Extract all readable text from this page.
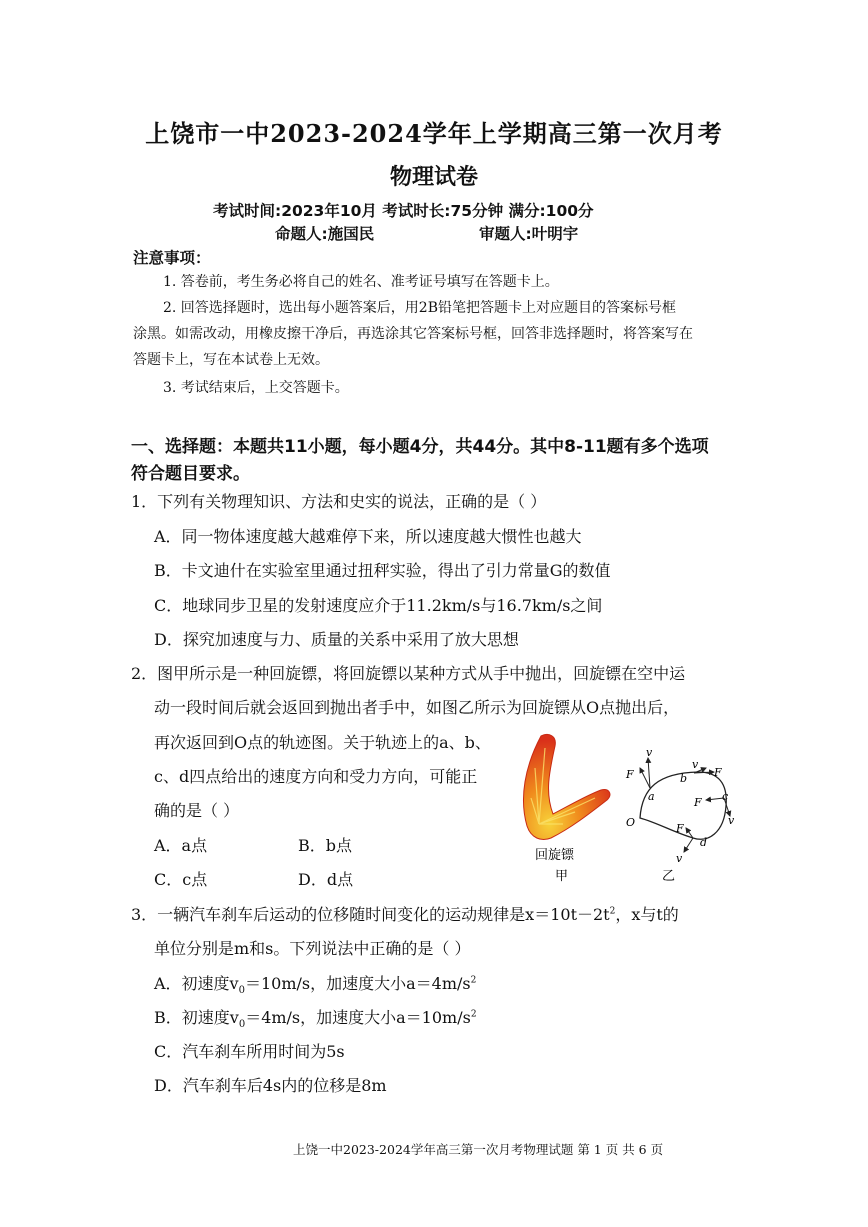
上饶市一中2023-2024学年上学期高三第一次月考
物理试卷
考试时间:2023年10月 考试时长:75分钟 满分:100分
命题人:施国民	审题人:叶明宇
注意事项：
1. 答卷前，考生务必将自己的姓名、准考证号填写在答题卡上。
2. 回答选择题时，选出每小题答案后，用2B铅笔把答题卡上对应题目的答案标号框
涂黑。如需改动，用橡皮擦干净后，再选涂其它答案标号框，回答非选择题时，将答案写在
答题卡上，写在本试卷上无效。
3. 考试结束后，上交答题卡。
一、选择题：本题共11小题，每小题4分，共44分。其中8-11题有多个选项
符合题目要求。
1．下列有关物理知识、方法和史实的说法，正确的是（ ）
A．同一物体速度越大越难停下来，所以速度越大惯性也越大
B．卡文迪什在实验室里通过扭秤实验，得出了引力常量G的数值
C．地球同步卫星的发射速度应介于11.2km/s与16.7km/s之间
D．探究加速度与力、质量的关系中采用了放大思想
2．图甲所示是一种回旋镖，将回旋镖以某种方式从手中抛出，回旋镖在空中运
动一段时间后就会返回到抛出者手中，如图乙所示为回旋镖从O点抛出后，
再次返回到O点的轨迹图。关于轨迹上的a、b、
c、d四点给出的速度方向和受力方向，可能正
确的是（ ）
A．a点	B．b点
C．c点	D．d点
回旋镖
甲
O
a
b
c
d
F
v
v
F
F
v
F
v
乙
3．一辆汽车刹车后运动的位移随时间变化的运动规律是$x=10t-2t^2$，x与t的
单位分别是m和s。下列说法中正确的是（ ）
A．初速度$v_0=10m/s$，加速度大小$a=4m/s^2$
B．初速度$v_0=4m/s$，加速度大小$a=10m/s^2$
C．汽车刹车所用时间为5s
D．汽车刹车后4s内的位移是8m
上饶一中2023-2024学年高三第一次月考物理试题 第 1 页 共 6 页
